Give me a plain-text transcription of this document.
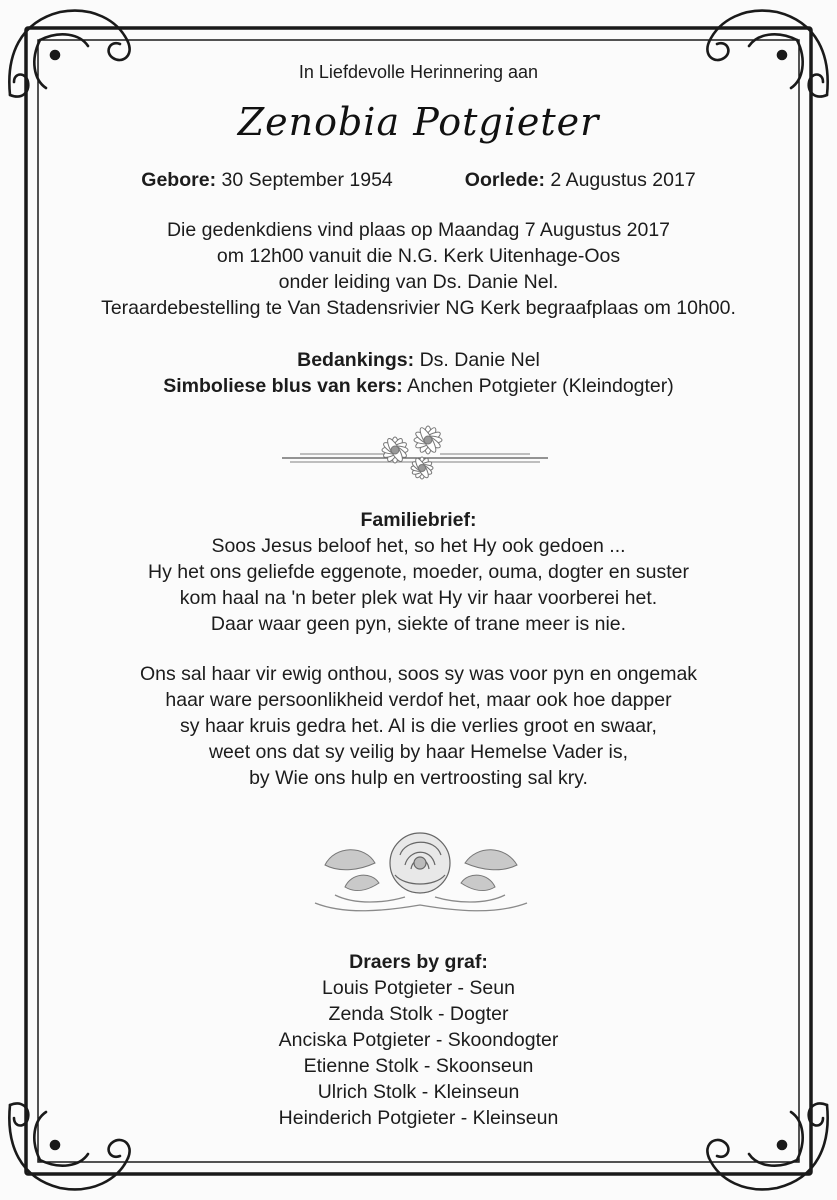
In Liefdevolle Herinnering aan
Zenobia Potgieter
Gebore: 30 September 1954	Oorlede: 2 Augustus 2017
Die gedenkdiens vind plaas op Maandag 7 Augustus 2017
om 12h00 vanuit die N.G. Kerk Uitenhage-Oos
onder leiding van Ds. Danie Nel.
Teraardebestelling te Van Stadensrivier NG Kerk begraafplaas om 10h00.
Bedankings: Ds. Danie Nel
Simboliese blus van kers: Anchen Potgieter (Kleindogter)
Familiebrief:
Soos Jesus beloof het, so het Hy ook gedoen ...
Hy het ons geliefde eggenote, moeder, ouma, dogter en suster
kom haal na 'n beter plek wat Hy vir haar voorberei het.
Daar waar geen pyn, siekte of trane meer is nie.
Ons sal haar vir ewig onthou, soos sy was voor pyn en ongemak
haar ware persoonlikheid verdof het, maar ook hoe dapper
sy haar kruis gedra het. Al is die verlies groot en swaar,
weet ons dat sy veilig by haar Hemelse Vader is,
by Wie ons hulp en vertroosting sal kry.
Draers by graf:
Louis Potgieter - Seun
Zenda Stolk - Dogter
Anciska Potgieter - Skoondogter
Etienne Stolk - Skoonseun
Ulrich Stolk - Kleinseun
Heinderich Potgieter - Kleinseun
